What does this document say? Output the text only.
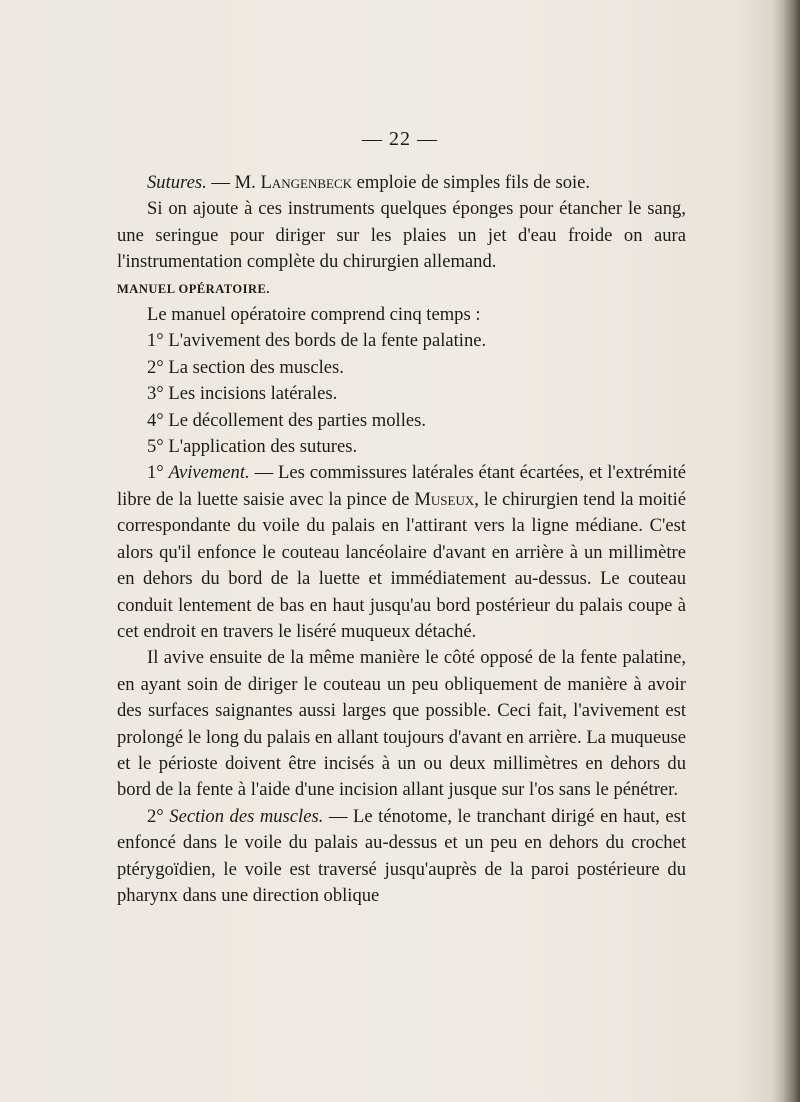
— 22 —

Sutures. — M. Langenbeck emploie de simples fils de soie.

Si on ajoute à ces instruments quelques éponges pour étancher le sang, une seringue pour diriger sur les plaies un jet d'eau froide on aura l'instrumentation complète du chirurgien allemand.

MANUEL OPÉRATOIRE.

Le manuel opératoire comprend cinq temps :

1° L'avivement des bords de la fente palatine.

2° La section des muscles.

3° Les incisions latérales.

4° Le décollement des parties molles.

5° L'application des sutures.

1° Avivement. — Les commissures latérales étant écartées, et l'extrémité libre de la luette saisie avec la pince de Museux, le chirurgien tend la moitié correspondante du voile du palais en l'attirant vers la ligne médiane. C'est alors qu'il enfonce le couteau lancéolaire d'avant en arrière à un millimètre en dehors du bord de la luette et immédiatement au-dessus. Le couteau conduit lentement de bas en haut jusqu'au bord postérieur du palais coupe à cet endroit en travers le liséré muqueux détaché.

Il avive ensuite de la même manière le côté opposé de la fente palatine, en ayant soin de diriger le couteau un peu obliquement de manière à avoir des surfaces saignantes aussi larges que possible. Ceci fait, l'avivement est prolongé le long du palais en allant toujours d'avant en arrière. La muqueuse et le périoste doivent être incisés à un ou deux millimètres en dehors du bord de la fente à l'aide d'une incision allant jusque sur l'os sans le pénétrer.

2° Section des muscles. — Le ténotome, le tranchant dirigé en haut, est enfoncé dans le voile du palais au-dessus et un peu en dehors du crochet ptérygoïdien, le voile est traversé jusqu'auprès de la paroi postérieure du pharynx dans une direction oblique
